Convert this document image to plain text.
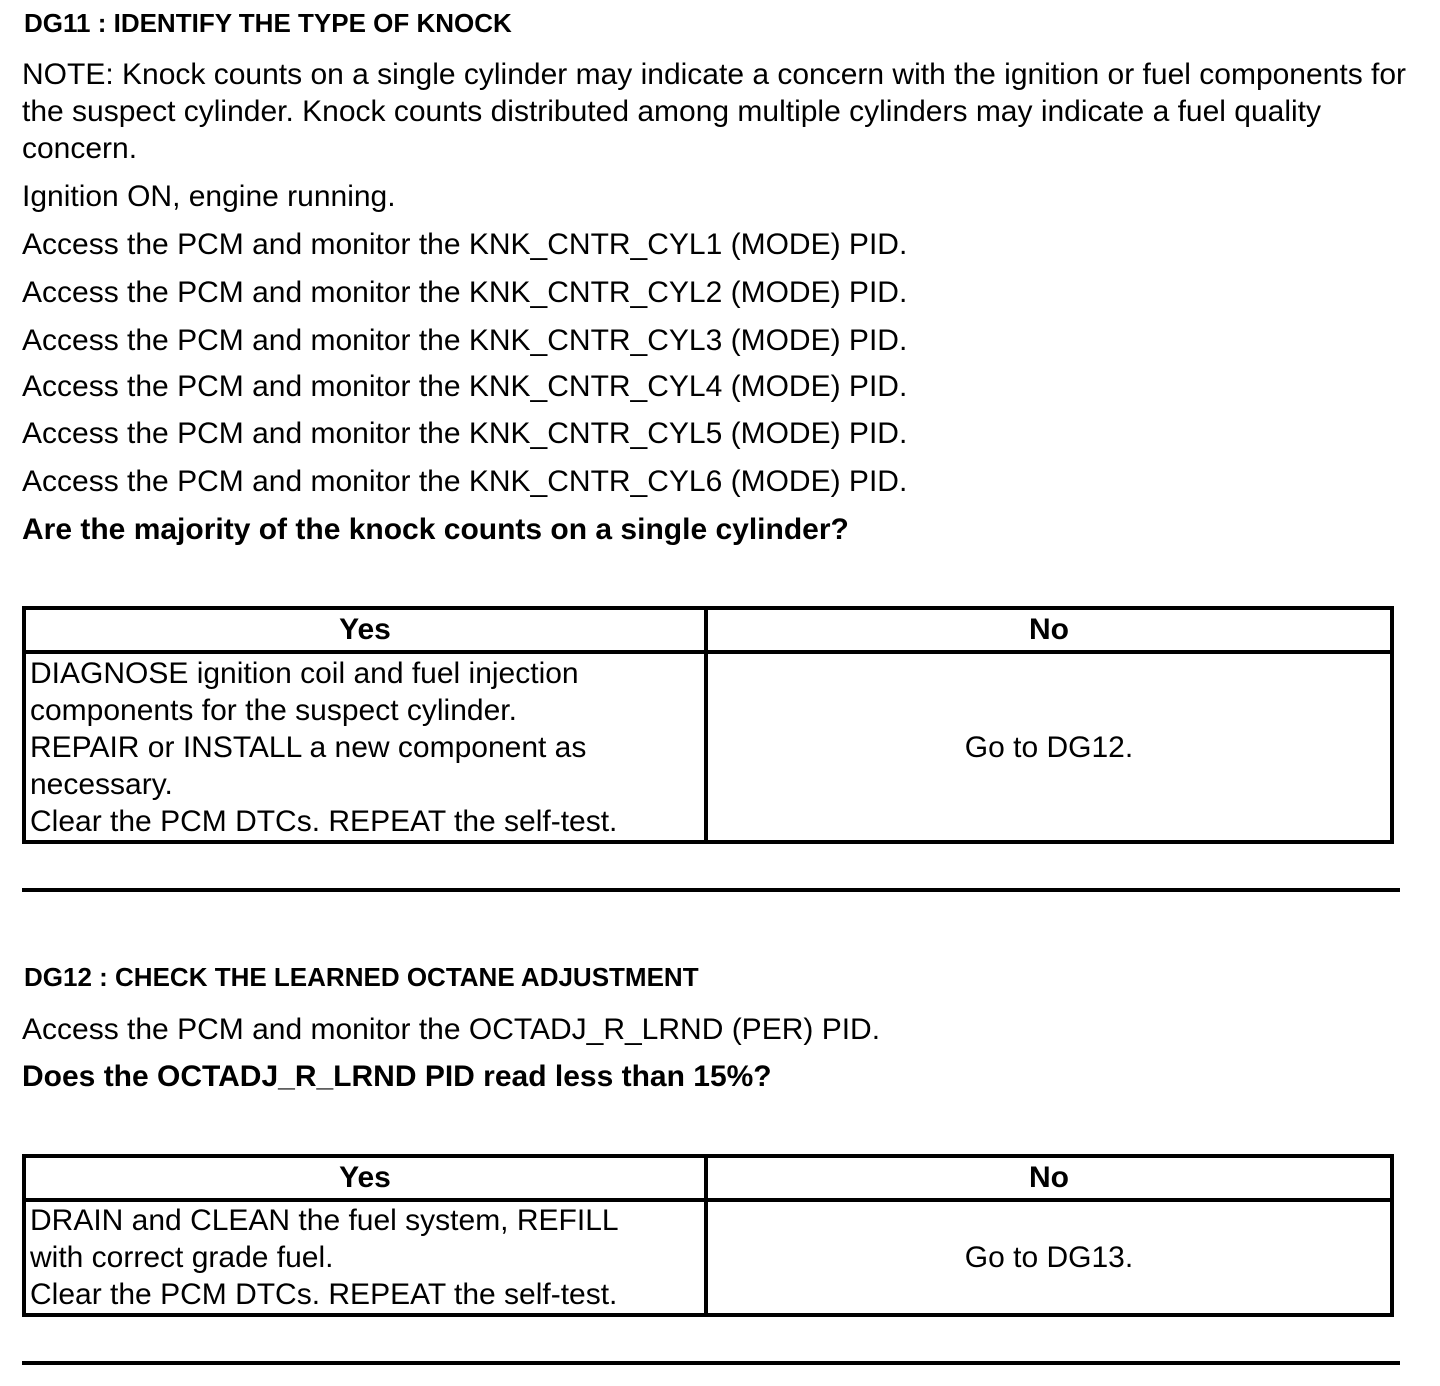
DG11 : IDENTIFY THE TYPE OF KNOCK

NOTE: Knock counts on a single cylinder may indicate a concern with the ignition or fuel components for the suspect cylinder. Knock counts distributed among multiple cylinders may indicate a fuel quality concern.

Ignition ON, engine running.

Access the PCM and monitor the KNK_CNTR_CYL1 (MODE) PID.

Access the PCM and monitor the KNK_CNTR_CYL2 (MODE) PID.

Access the PCM and monitor the KNK_CNTR_CYL3 (MODE) PID.

Access the PCM and monitor the KNK_CNTR_CYL4 (MODE) PID.

Access the PCM and monitor the KNK_CNTR_CYL5 (MODE) PID.

Access the PCM and monitor the KNK_CNTR_CYL6 (MODE) PID.

Are the majority of the knock counts on a single cylinder?

Yes	No

DIAGNOSE ignition coil and fuel injection
components for the suspect cylinder.
REPAIR or INSTALL a new component as
necessary.
Clear the PCM DTCs. REPEAT the self-test.	Go to DG12.
DG12 : CHECK THE LEARNED OCTANE ADJUSTMENT

Access the PCM and monitor the OCTADJ_R_LRND (PER) PID.

Does the OCTADJ_R_LRND PID read less than 15%?

Yes	No

DRAIN and CLEAN the fuel system, REFILL
with correct grade fuel.
Clear the PCM DTCs. REPEAT the self-test.	Go to DG13.
